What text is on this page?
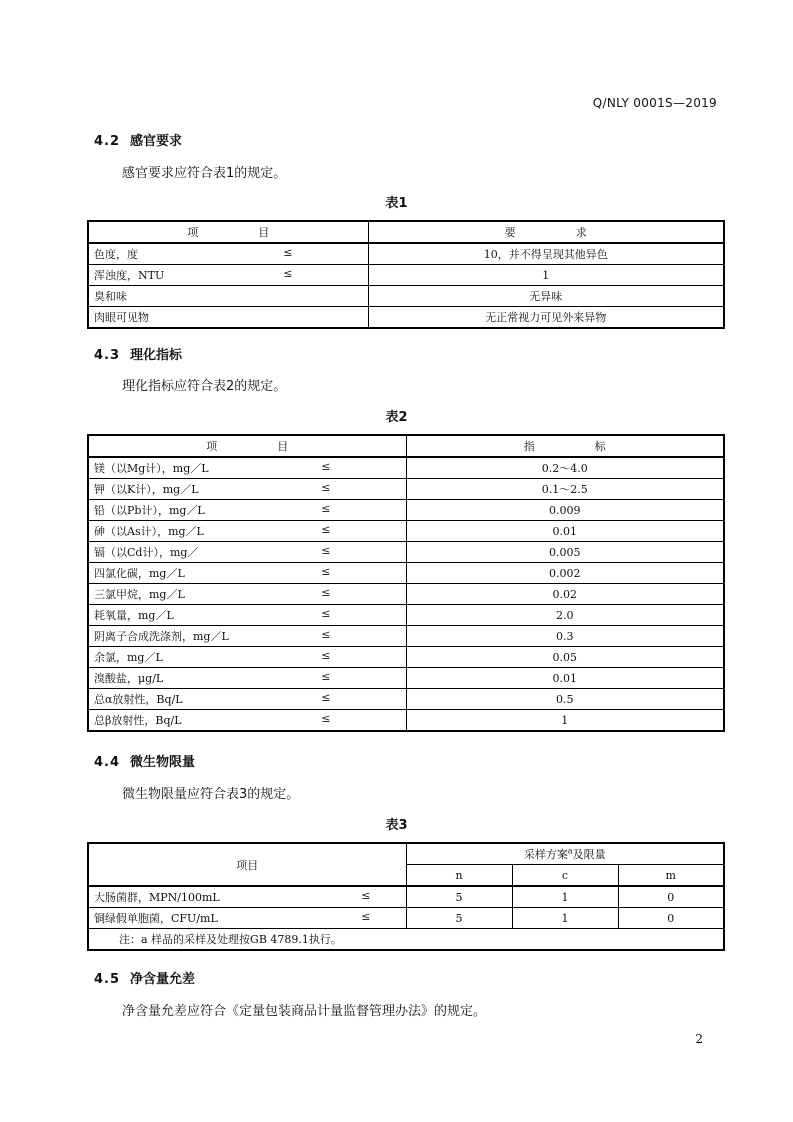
Q/NLY 0001S—2019
4.2 感官要求
感官要求应符合表1的规定。
表1
项 目	要 求
色度，度 ≤	10，并不得呈现其他异色
浑浊度，NTU ≤	1
臭和味	无异味
肉眼可见物	无正常视力可见外来异物
4.3 理化指标
理化指标应符合表2的规定。
表2
项 目	指 标
镁（以Mg计），mg／L ≤	0.2～4.0
钾（以K计），mg／L ≤	0.1～2.5
铅（以Pb计），mg／L ≤	0.009
砷（以As计），mg／L ≤	0.01
镉（以Cd计），mg／ ≤	0.005
四氯化碳，mg／L ≤	0.002
三氯甲烷，mg／L ≤	0.02
耗氧量，mg／L ≤	2.0
阴离子合成洗涤剂，mg／L ≤	0.3
余氯，mg／L ≤	0.05
溴酸盐，μg/L ≤	0.01
总α放射性，Bq/L ≤	0.5
总β放射性，Bq/L ≤	1
4.4 微生物限量
微生物限量应符合表3的规定。
表3
项目	采样方案$^a$及限量		
	n	c	m
大肠菌群，MPN/100mL ≤	5	1	0
铜绿假单胞菌，CFU/mL ≤	5	1	0
注：a 样品的采样及处理按GB 4789.1执行。			
4.5 净含量允差
净含量允差应符合《定量包装商品计量监督管理办法》的规定。
2
